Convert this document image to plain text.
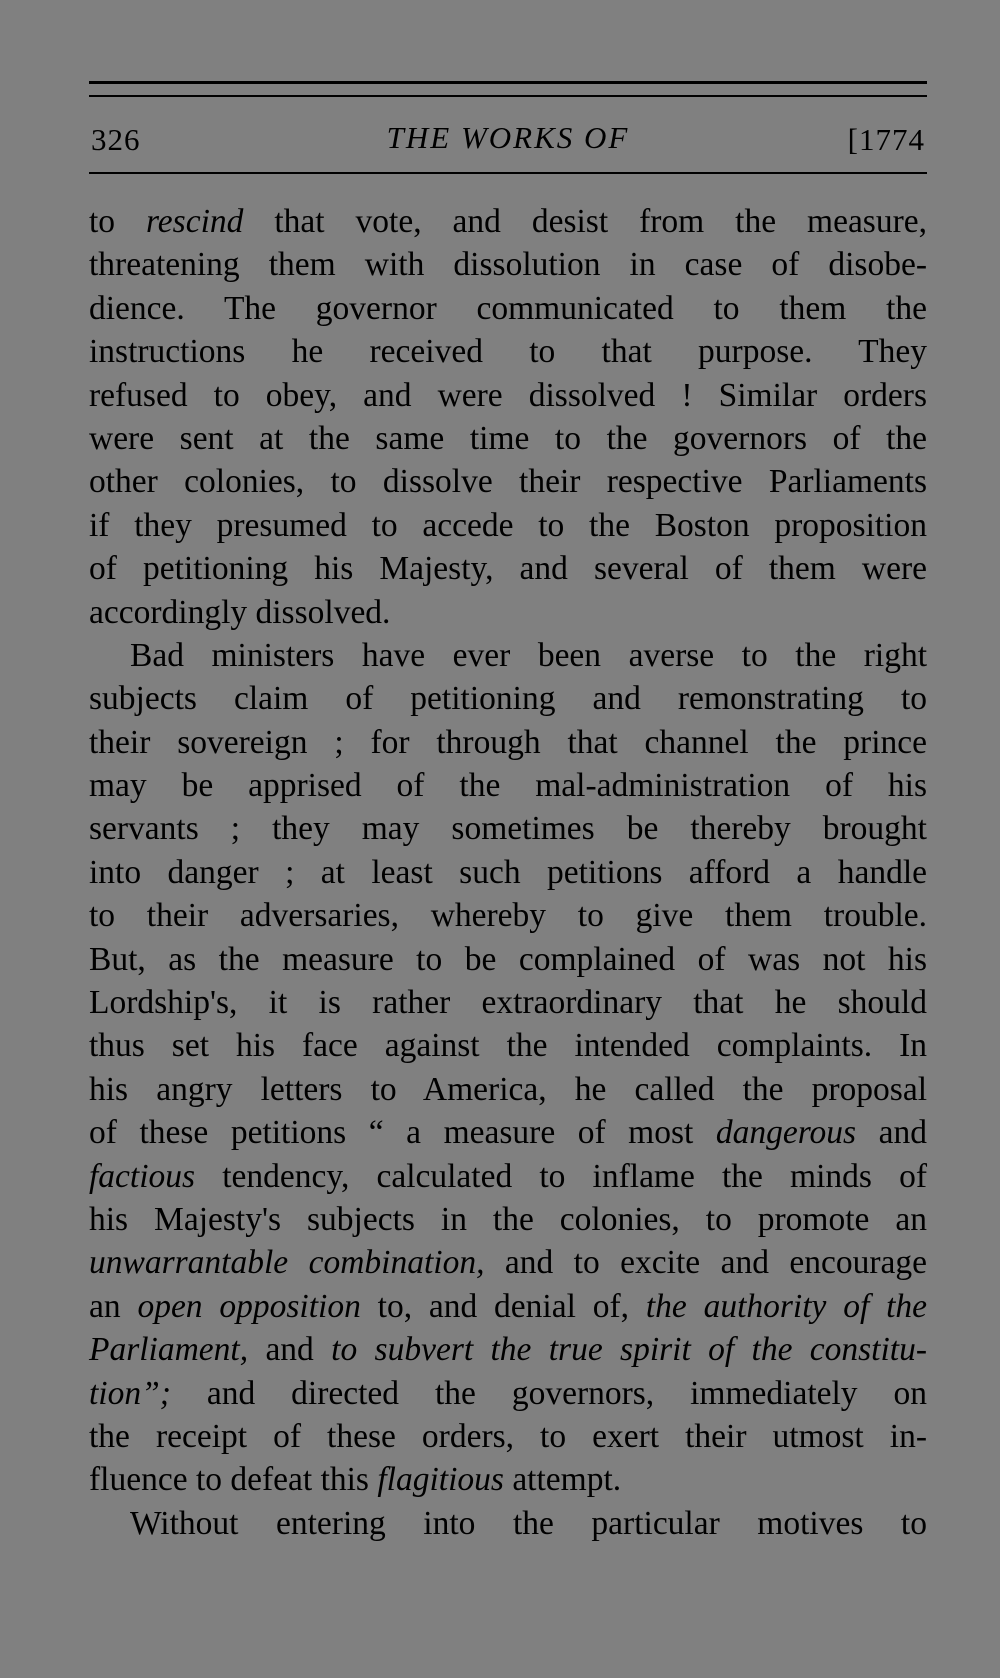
326	THE WORKS OF	[1774
to rescind that vote, and desist from the measure,
threatening them with dissolution in case of disobe-
dience. The governor communicated to them the
instructions he received to that purpose. They
refused to obey, and were dissolved ! Similar orders
were sent at the same time to the governors of the
other colonies, to dissolve their respective Parliaments
if they presumed to accede to the Boston proposition
of petitioning his Majesty, and several of them were
accordingly dissolved.
Bad ministers have ever been averse to the right
subjects claim of petitioning and remonstrating to
their sovereign ; for through that channel the prince
may be apprised of the mal-administration of his
servants ; they may sometimes be thereby brought
into danger ; at least such petitions afford a handle
to their adversaries, whereby to give them trouble.
But, as the measure to be complained of was not his
Lordship's, it is rather extraordinary that he should
thus set his face against the intended complaints. In
his angry letters to America, he called the proposal
of these petitions “ a measure of most dangerous and
factious tendency, calculated to inflame the minds of
his Majesty's subjects in the colonies, to promote an
unwarrantable combination, and to excite and encourage
an open opposition to, and denial of, the authority of the
Parliament, and to subvert the true spirit of the constitu-
tion”; and directed the governors, immediately on
the receipt of these orders, to exert their utmost in-
fluence to defeat this flagitious attempt.
Without entering into the particular motives to
